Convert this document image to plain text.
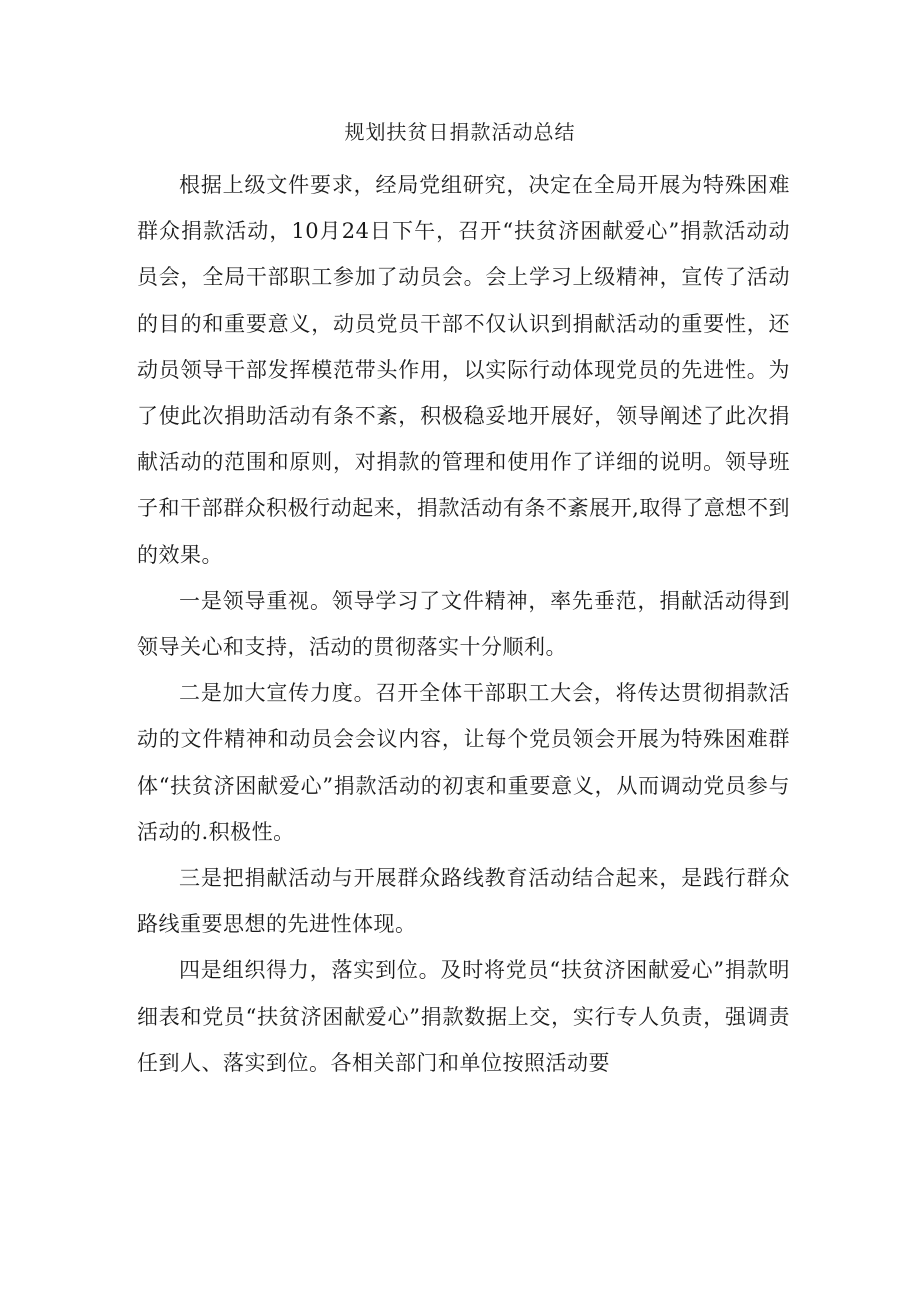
规划扶贫日捐款活动总结

根据上级文件要求，经局党组研究，决定在全局开展为特殊困难群众捐款活动，10月24日下午，召开“扶贫济困献爱心”捐款活动动员会，全局干部职工参加了动员会。会上学习上级精神，宣传了活动的目的和重要意义，动员党员干部不仅认识到捐献活动的重要性，还动员领导干部发挥模范带头作用，以实际行动体现党员的先进性。为了使此次捐助活动有条不紊，积极稳妥地开展好，领导阐述了此次捐献活动的范围和原则，对捐款的管理和使用作了详细的说明。领导班子和干部群众积极行动起来，捐款活动有条不紊展开,取得了意想不到的效果。

一是领导重视。领导学习了文件精神，率先垂范，捐献活动得到领导关心和支持，活动的贯彻落实十分顺利。

二是加大宣传力度。召开全体干部职工大会，将传达贯彻捐款活动的文件精神和动员会会议内容，让每个党员领会开展为特殊困难群体“扶贫济困献爱心”捐款活动的初衷和重要意义，从而调动党员参与活动的.积极性。

三是把捐献活动与开展群众路线教育活动结合起来，是践行群众路线重要思想的先进性体现。

四是组织得力，落实到位。及时将党员“扶贫济困献爱心”捐款明细表和党员“扶贫济困献爱心”捐款数据上交，实行专人负责，强调责任到人、落实到位。各相关部门和单位按照活动要
